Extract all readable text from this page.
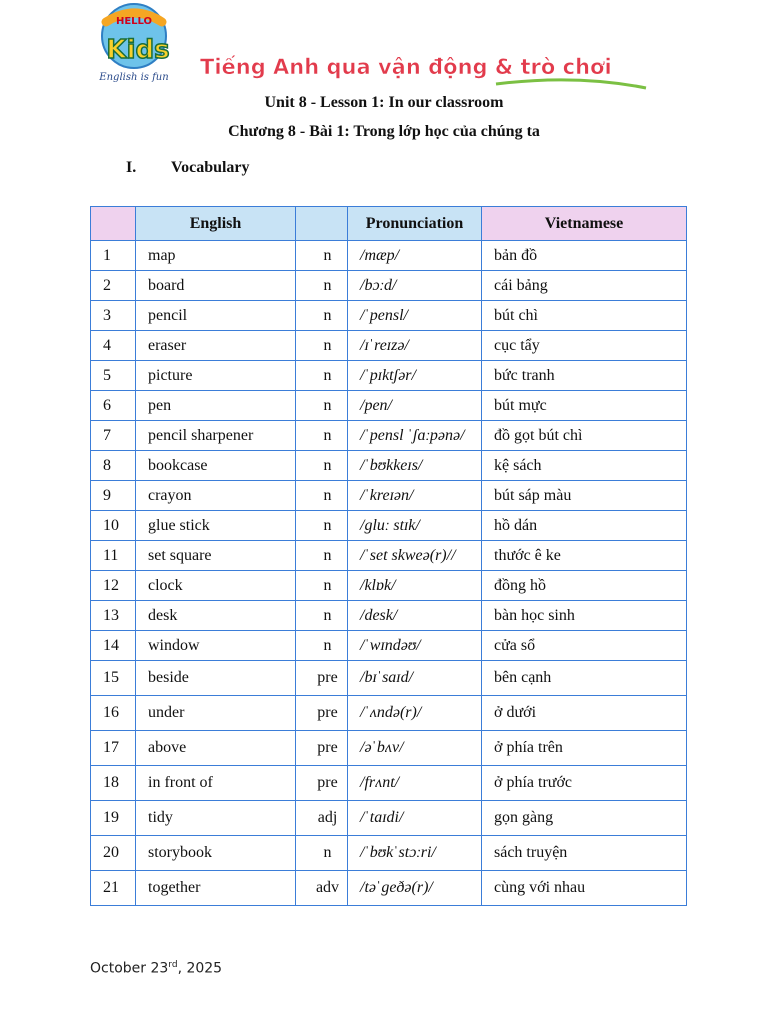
HELLO
Kids
English is fun Tiếng Anh qua vận động & trò chơi
Unit 8 - Lesson 1: In our classroom
Chương 8 - Bài 1: Trong lớp học của chúng ta
I. Vocabulary
	English		Pronunciation	Vietnamese
1	map	n	/mæp/	bản đồ
2	board	n	/bɔːd/	cái bảng
3	pencil	n	/ˈpensl/	bút chì
4	eraser	n	/ɪˈreɪzə/	cục tẩy
5	picture	n	/ˈpɪktʃər/	bức tranh
6	pen	n	/pen/	bút mực
7	pencil sharpener	n	/ˈpensl ˈʃɑːpənə/	đồ gọt bút chì
8	bookcase	n	/ˈbʊkkeɪs/	kệ sách
9	crayon	n	/ˈkreɪən/	bút sáp màu
10	glue stick	n	/gluː stɪk/	hồ dán
11	set square	n	/ˈset skweə(r)//	thước ê ke
12	clock	n	/klɒk/	đồng hồ
13	desk	n	/desk/	bàn học sinh
14	window	n	/ˈwɪndəʊ/	cửa sổ
15	beside	pre	/bɪˈsaɪd/	bên cạnh
16	under	pre	/ˈʌndə(r)/	ở dưới
17	above	pre	/əˈbʌv/	ở phía trên
18	in front of	pre	/frʌnt/	ở phía trước
19	tidy	adj	/ˈtaɪdi/	gọn gàng
20	storybook	n	/ˈbʊkˈstɔːri/	sách truyện
21	together	adv	/təˈgeðə(r)/	cùng với nhau
October 23rd, 2025
